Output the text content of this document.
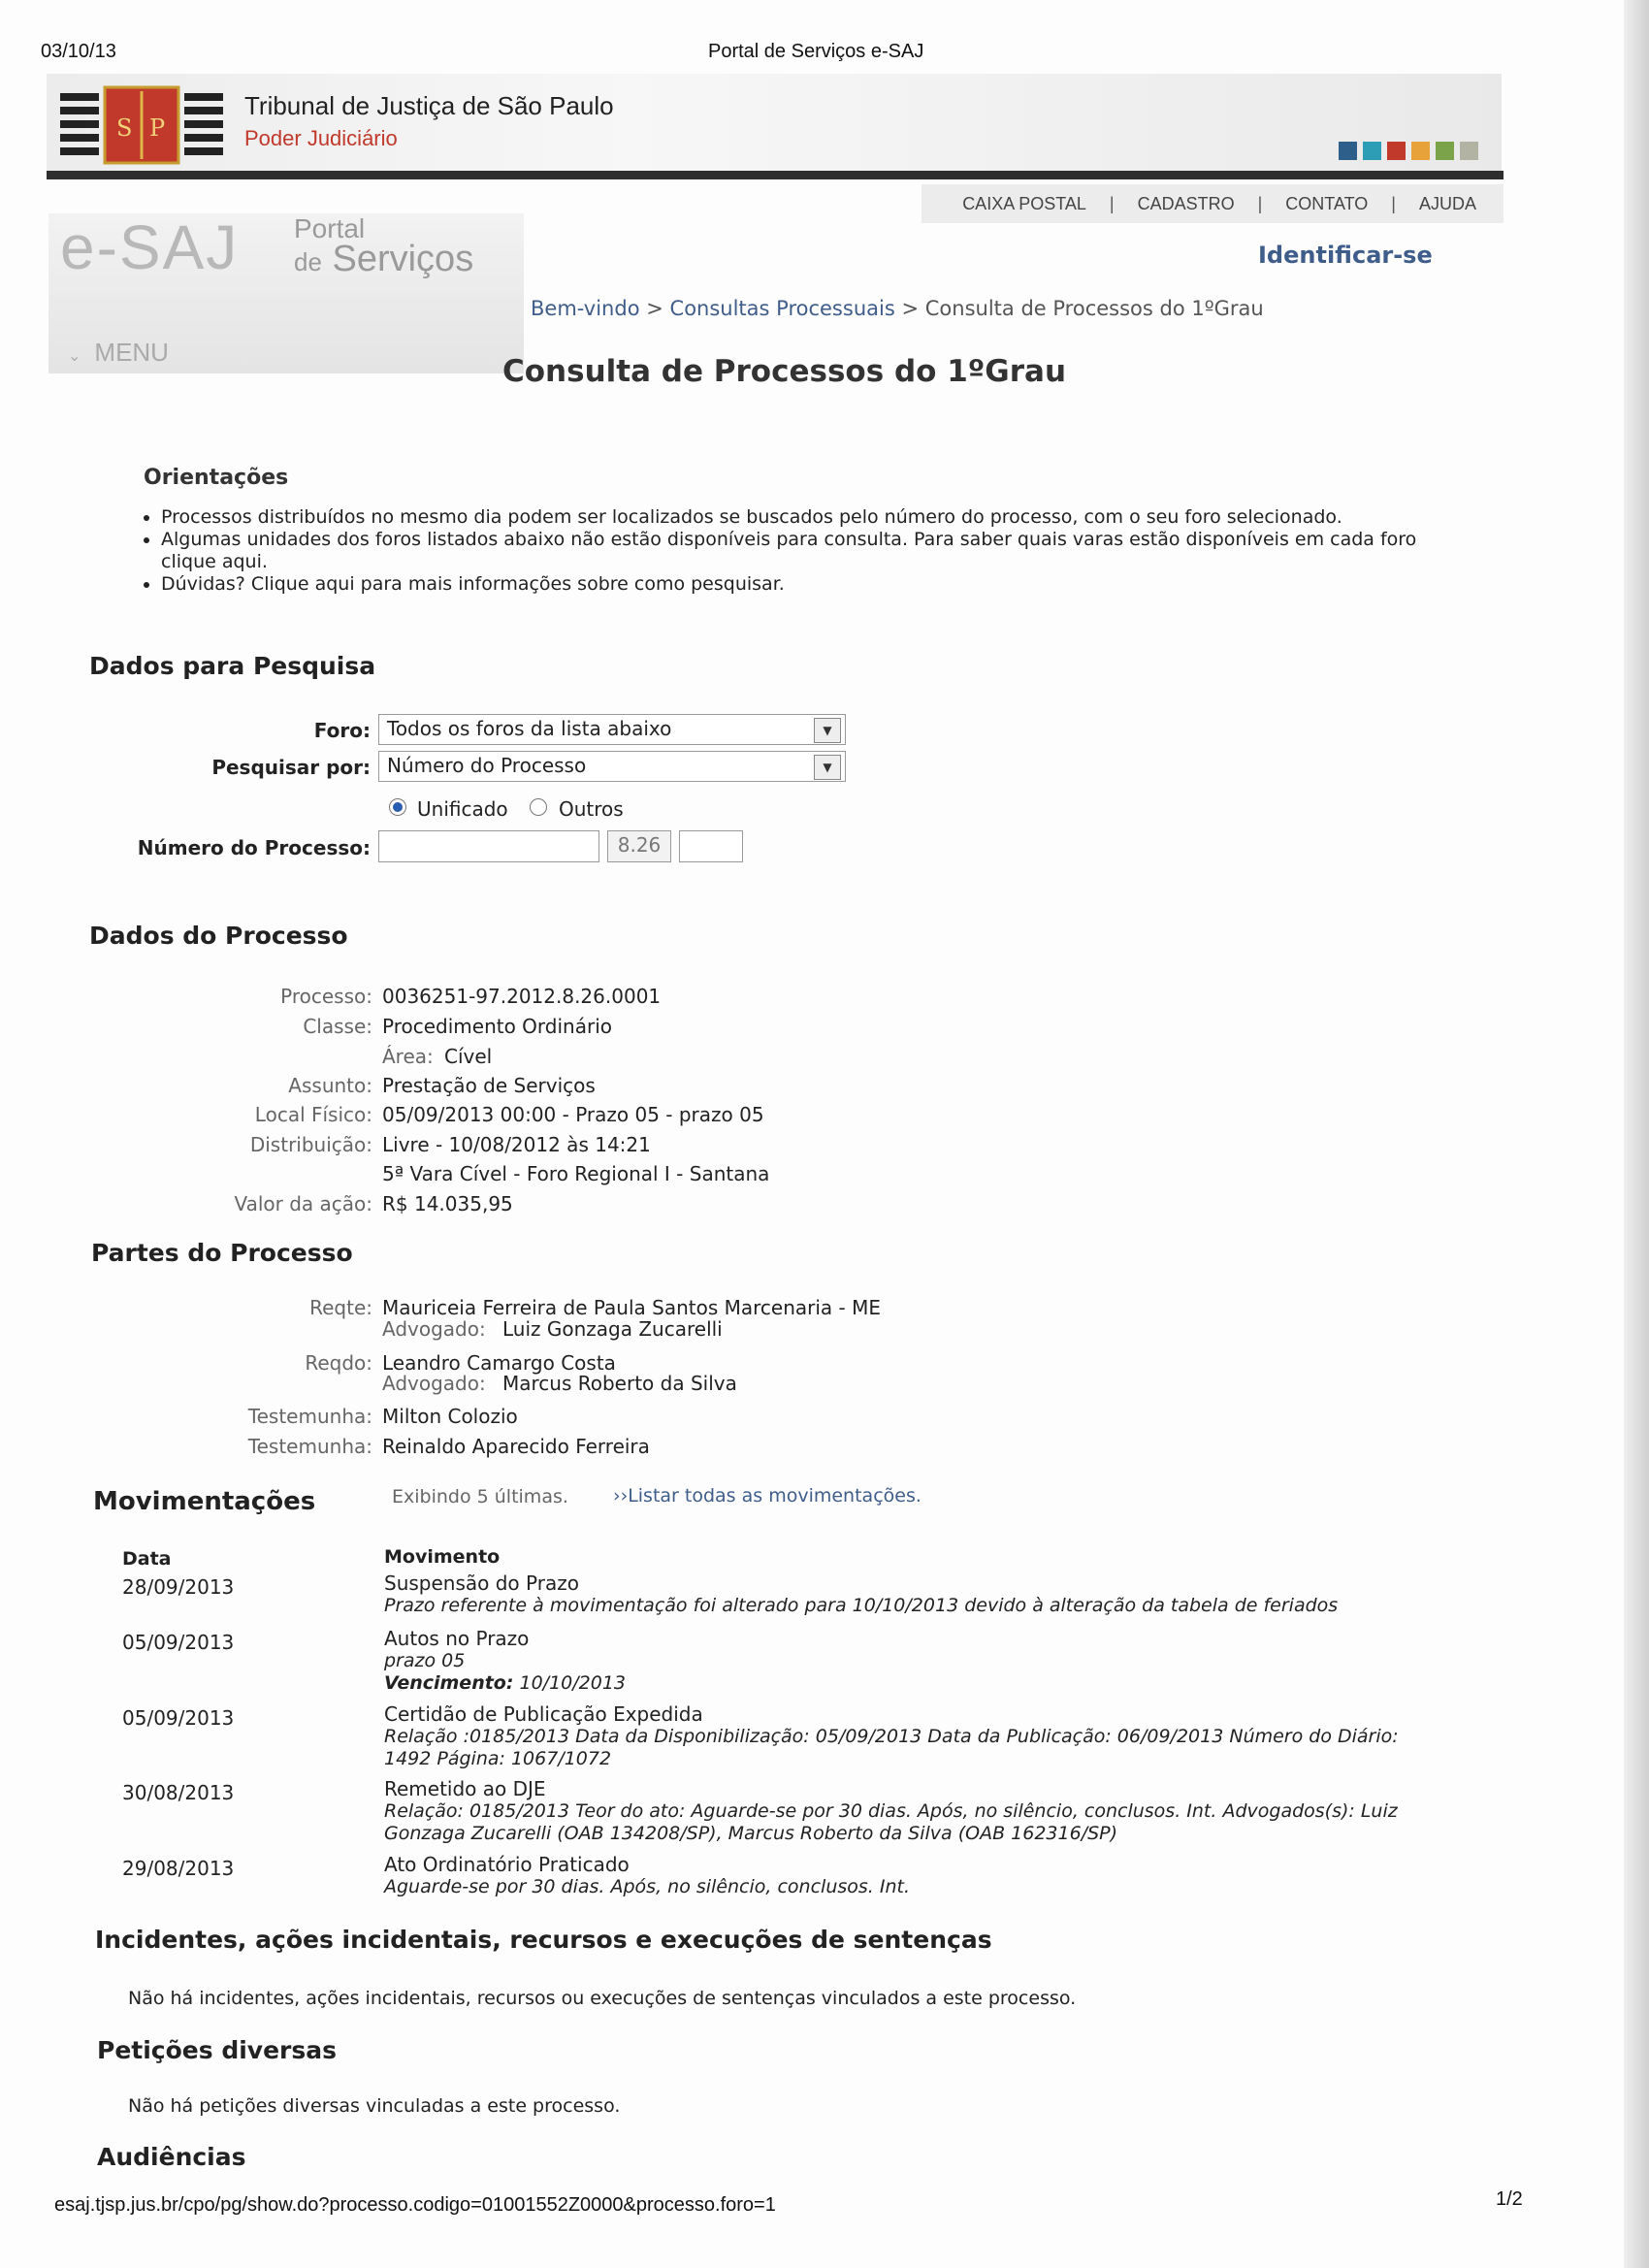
03/10/13	Portal de Serviços e-SAJ
S P
Tribunal de Justiça de São Paulo
Poder Judiciário
CAIXA POSTAL | CADASTRO | CONTATO | AJUDA
e-SAJ Portal
de Serviços
⌄ MENU
Identificar-se
Bem-vindo > Consultas Processuais > Consulta de Processos do 1ºGrau
Consulta de Processos do 1ºGrau
Orientações
• Processos distribuídos no mesmo dia podem ser localizados se buscados pelo número do processo, com o seu foro selecionado.
• Algumas unidades dos foros listados abaixo não estão disponíveis para consulta. Para saber quais varas estão disponíveis em cada foro clique aqui.
• Dúvidas? Clique aqui para mais informações sobre como pesquisar.
Dados para Pesquisa
Foro: Todos os foros da lista abaixo	▼
Pesquisar por: Número do Processo	▼
Unificado	Outros
Número do Processo:	8.26
Dados do Processo
Processo: 0036251-97.2012.8.26.0001
Classe: Procedimento Ordinário
Área: Cível
Assunto: Prestação de Serviços
Local Físico: 05/09/2013 00:00 - Prazo 05 - prazo 05
Distribuição: Livre - 10/08/2012 às 14:21
5ª Vara Cível - Foro Regional I - Santana
Valor da ação: R$ 14.035,95
Partes do Processo
Reqte: Mauriceia Ferreira de Paula Santos Marcenaria - ME
Advogado: Luiz Gonzaga Zucarelli
Reqdo: Leandro Camargo Costa
Advogado: Marcus Roberto da Silva
Testemunha: Milton Colozio
Testemunha: Reinaldo Aparecido Ferreira
Movimentações	Exibindo 5 últimas. ››Listar todas as movimentações.
Data	Movimento
28/09/2013	Suspensão do Prazo
Prazo referente à movimentação foi alterado para 10/10/2013 devido à alteração da tabela de feriados
05/09/2013	Autos no Prazo
prazo 05
Vencimento: 10/10/2013
05/09/2013	Certidão de Publicação Expedida
Relação :0185/2013 Data da Disponibilização: 05/09/2013 Data da Publicação: 06/09/2013 Número do Diário:
1492 Página: 1067/1072
30/08/2013	Remetido ao DJE
Relação: 0185/2013 Teor do ato: Aguarde-se por 30 dias. Após, no silêncio, conclusos. Int. Advogados(s): Luiz
Gonzaga Zucarelli (OAB 134208/SP), Marcus Roberto da Silva (OAB 162316/SP)
29/08/2013	Ato Ordinatório Praticado
Aguarde-se por 30 dias. Após, no silêncio, conclusos. Int.
Incidentes, ações incidentais, recursos e execuções de sentenças
Não há incidentes, ações incidentais, recursos ou execuções de sentenças vinculados a este processo.
Petições diversas
Não há petições diversas vinculadas a este processo.
Audiências
esaj.tjsp.jus.br/cpo/pg/show.do?processo.codigo=01001552Z0000&processo.foro=1	1/2
